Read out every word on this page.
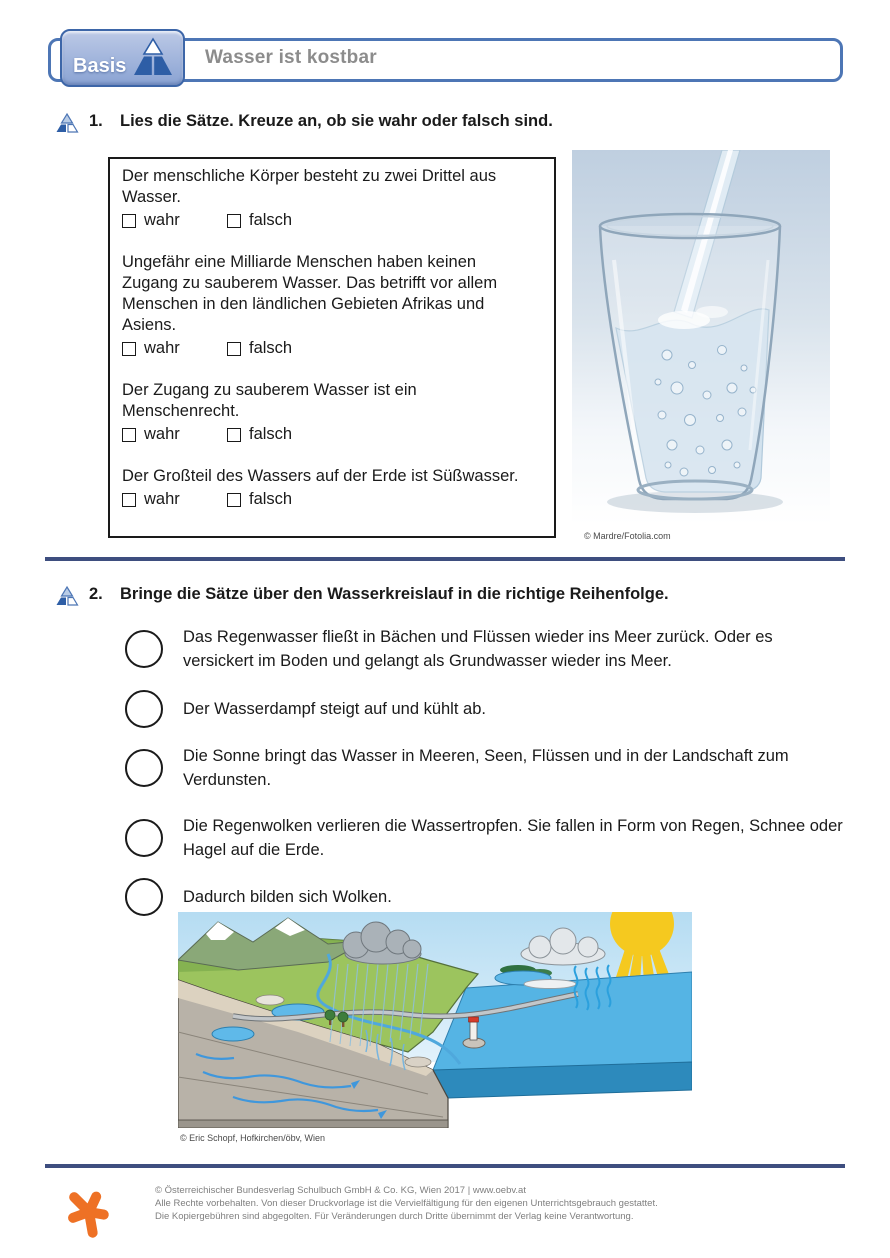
Wasser ist kostbar
Basis
1.	Lies die Sätze. Kreuze an, ob sie wahr oder falsch sind.

Der menschliche Körper besteht zu zwei Drittel aus Wasser.

wahr	falsch

Ungefähr eine Milliarde Menschen haben keinen Zugang zu sauberem Wasser. Das betrifft vor allem Menschen in den ländlichen Gebieten Afrikas und Asiens.

wahr	falsch

Der Zugang zu sauberem Wasser ist ein Menschenrecht.

wahr	falsch

Der Großteil des Wassers auf der Erde ist Süßwasser.

wahr	falsch
© Mardre/Fotolia.com
2.	Bringe die Sätze über den Wasserkreislauf in die richtige Reihenfolge.

Das Regenwasser fließt in Bächen und Flüssen wieder ins Meer zurück. Oder es versickert im Boden und gelangt als Grundwasser wieder ins Meer.

Der Wasserdampf steigt auf und kühlt ab.

Die Sonne bringt das Wasser in Meeren, Seen, Flüssen und in der Landschaft zum Verdunsten.

Die Regenwolken verlieren die Wassertropfen. Sie fallen in Form von Regen, Schnee oder Hagel auf die Erde.

Dadurch bilden sich Wolken.

© Eric Schopf, Hofkirchen/öbv, Wien

© Österreichischer Bundesverlag Schulbuch GmbH & Co. KG, Wien 2017 | www.oebv.at

Alle Rechte vorbehalten. Von dieser Druckvorlage ist die Vervielfältigung für den eigenen Unterrichtsgebrauch gestattet.

Die Kopiergebühren sind abgegolten. Für Veränderungen durch Dritte übernimmt der Verlag keine Verantwortung.
